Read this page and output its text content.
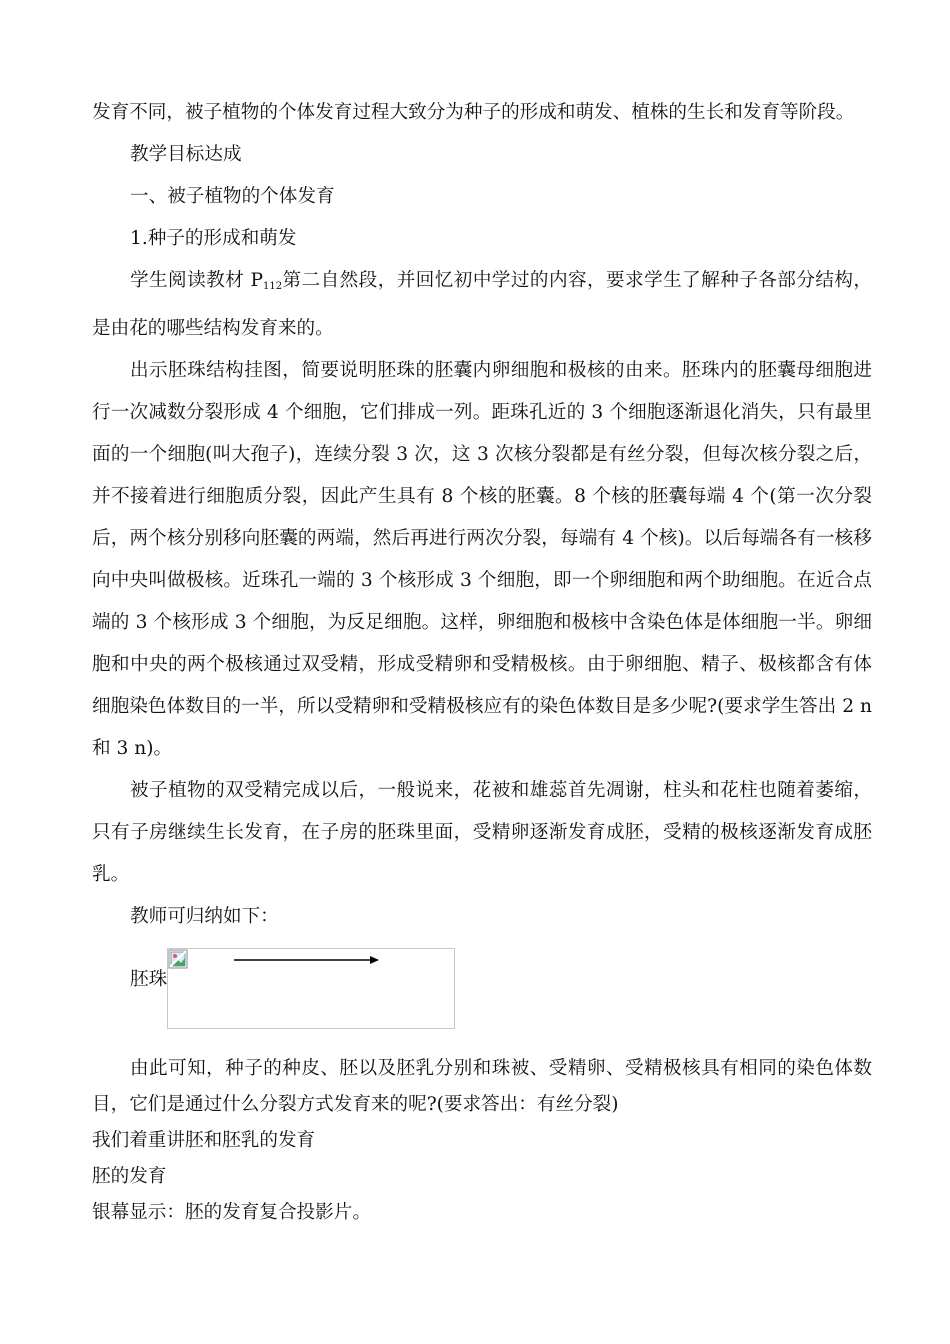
发育不同，被子植物的个体发育过程大致分为种子的形成和萌发、植株的生长和发育等阶段。

教学目标达成

一、被子植物的个体发育

1.种子的形成和萌发

学生阅读教材 $P_{112}$第二自然段，并回忆初中学过的内容，要求学生了解种子各部分结构，是由花的哪些结构发育来的。

出示胚珠结构挂图，简要说明胚珠的胚囊内卵细胞和极核的由来。胚珠内的胚囊母细胞进行一次减数分裂形成 4 个细胞，它们排成一列。距珠孔近的 3 个细胞逐渐退化消失，只有最里面的一个细胞(叫大孢子)，连续分裂 3 次，这 3 次核分裂都是有丝分裂，但每次核分裂之后，并不接着进行细胞质分裂，因此产生具有 8 个核的胚囊。8 个核的胚囊每端 4 个(第一次分裂后，两个核分别移向胚囊的两端，然后再进行两次分裂，每端有 4 个核)。以后每端各有一核移向中央叫做极核。近珠孔一端的 3 个核形成 3 个细胞，即一个卵细胞和两个助细胞。在近合点端的 3 个核形成 3 个细胞，为反足细胞。这样，卵细胞和极核中含染色体是体细胞一半。卵细胞和中央的两个极核通过双受精，形成受精卵和受精极核。由于卵细胞、精子、极核都含有体细胞染色体数目的一半，所以受精卵和受精极核应有的染色体数目是多少呢?(要求学生答出 2 n 和 3 n)。

被子植物的双受精完成以后，一般说来，花被和雄蕊首先凋谢，柱头和花柱也随着萎缩，只有子房继续生长发育，在子房的胚珠里面，受精卵逐渐发育成胚，受精的极核逐渐发育成胚乳。

教师可归纳如下：

胚珠

由此可知，种子的种皮、胚以及胚乳分别和珠被、受精卵、受精极核具有相同的染色体数目，它们是通过什么分裂方式发育来的呢?(要求答出：有丝分裂)

我们着重讲胚和胚乳的发育

胚的发育

银幕显示：胚的发育复合投影片。
